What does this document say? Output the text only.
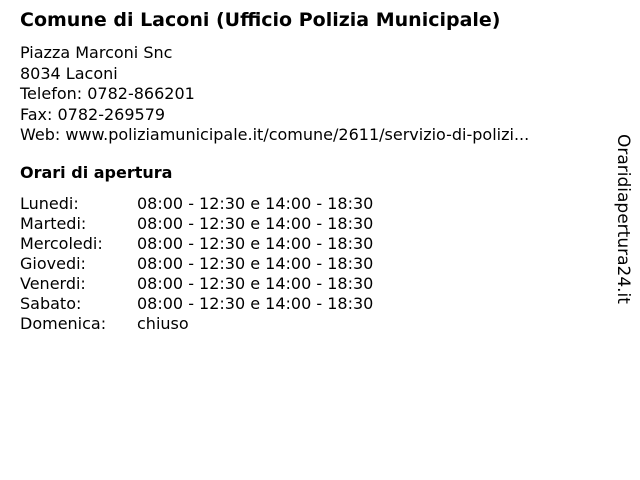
Comune di Laconi (Ufficio Polizia Municipale)
Piazza Marconi Snc
8034 Laconi
Telefon: 0782-866201
Fax: 0782-269579
Web: www.poliziamunicipale.it/comune/2611/servizio-di-polizi...
Orari di apertura
Lunedi:	08:00 - 12:30 e 14:00 - 18:30
Martedi:	08:00 - 12:30 e 14:00 - 18:30
Mercoledi: 08:00 - 12:30 e 14:00 - 18:30
Giovedi:	08:00 - 12:30 e 14:00 - 18:30
Venerdi:	08:00 - 12:30 e 14:00 - 18:30
Sabato:	08:00 - 12:30 e 14:00 - 18:30
Domenica: chiuso
Oraridiapertura24.it
